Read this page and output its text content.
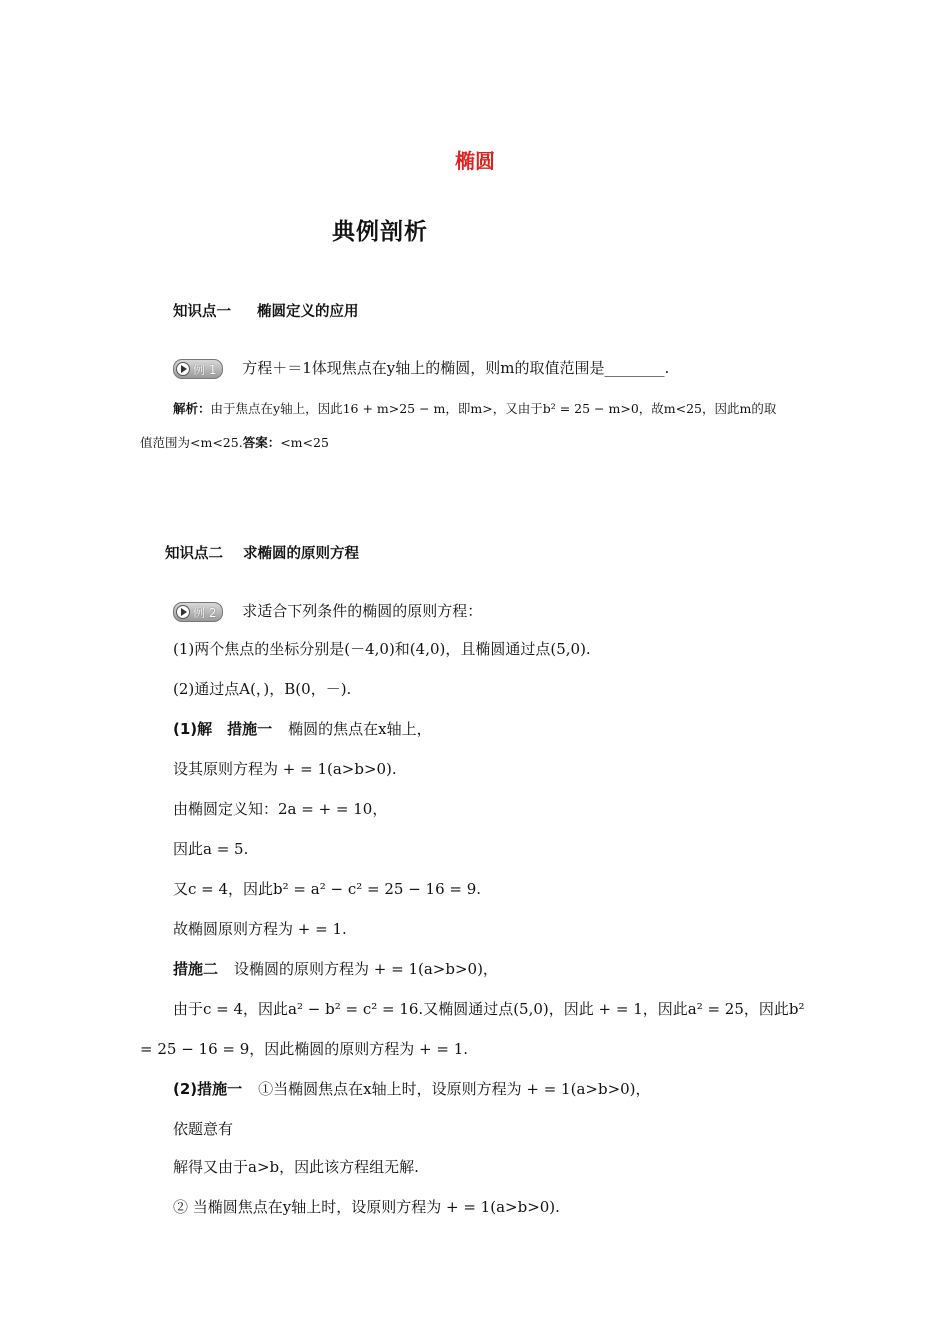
椭圆
典例剖析
知识点一 椭圆定义的应用
例 1 方程＋＝1体现焦点在y轴上的椭圆，则m的取值范围是________.
解析：由于焦点在y轴上，因此16 + m>25 − m，即m>，又由于b² = 25 − m>0，故m<25，因此m的取
值范围为<m<25.答案：<m<25
知识点二 求椭圆的原则方程
例 2 求适合下列条件的椭圆的原则方程：
(1)两个焦点的坐标分别是(－4,0)和(4,0)，且椭圆通过点(5,0).
(2)通过点A(，)，B(0，－).
(1)解　措施一 椭圆的焦点在x轴上，
设其原则方程为 + = 1(a>b>0).
由椭圆定义知：2a = + = 10，
因此a = 5.
又c = 4，因此b² = a² − c² = 25 − 16 = 9.
故椭圆原则方程为 + = 1.
措施二 设椭圆的原则方程为 + = 1(a>b>0)，
由于c = 4，因此a² − b² = c² = 16.又椭圆通过点(5,0)，因此 + = 1，因此a² = 25，因此b²
= 25 − 16 = 9，因此椭圆的原则方程为 + = 1.
(2)措施一 ①当椭圆焦点在x轴上时，设原则方程为 + = 1(a>b>0)，
依题意有
解得又由于a>b，因此该方程组无解.
② 当椭圆焦点在y轴上时，设原则方程为 + = 1(a>b>0).
